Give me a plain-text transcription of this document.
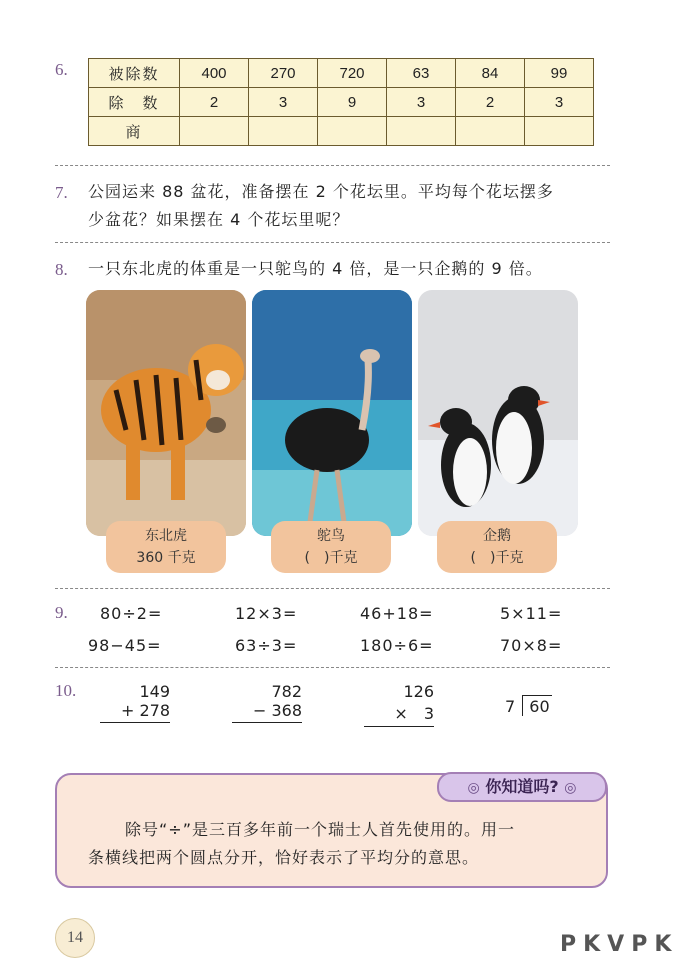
6.	被除数	400	270	720	63	84	99
除　数	2	3	9	3	2	3
商						
7. 公园运来 88 盆花，准备摆在 2 个花坛里。平均每个花坛摆多
少盆花？如果摆在 4 个花坛里呢？
8. 一只东北虎的体重是一只鸵鸟的 4 倍，是一只企鹅的 9 倍。
东北虎
360 千克
鸵鸟
(　)千克
企鹅
(　)千克
9. 80÷2=	12×3=	46+18=	5×11=
98−45=	63÷3=	180÷6=	70×8=
10.	149
+ 278
782
− 368
126
×　3	7 60
◎ 你知道吗? ◎
除号“÷”是三百多年前一个瑞士人首先使用的。用一
条横线把两个圆点分开，恰好表示了平均分的意思。
14	PKVPK
